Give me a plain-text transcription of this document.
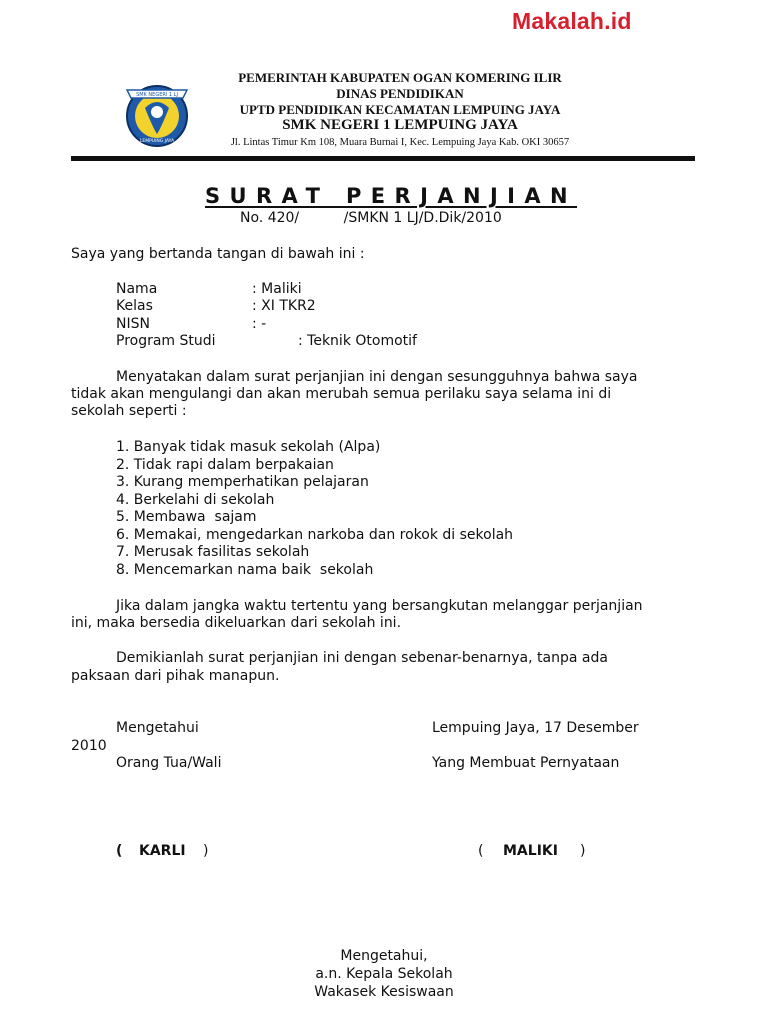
Makalah.id
SMK NEGERI 1 LJ
LEMPUING JAYA
PEMERINTAH KABUPATEN OGAN KOMERING ILIR
DINAS PENDIDIKAN
UPTD PENDIDIKAN KECAMATAN LEMPUING JAYA
SMK NEGERI 1 LEMPUING JAYA
Jl. Lintas Timur Km 108, Muara Burnai I, Kec. Lempuing Jaya Kab. OKI 30657
SURAT PERJANJIAN
No. 420/          /SMKN 1 LJ/D.Dik/2010
Saya yang bertanda tangan di bawah ini :
Nama	: Maliki
Kelas	: XI TKR2
NISN	: -
Program Studi	: Teknik Otomotif
Menyatakan dalam surat perjanjian ini dengan sesungguhnya bahwa saya
tidak akan mengulangi dan akan merubah semua perilaku saya selama ini di
sekolah seperti :
1. Banyak tidak masuk sekolah (Alpa)
2. Tidak rapi dalam berpakaian
3. Kurang memperhatikan pelajaran
4. Berkelahi di sekolah
5. Membawa  sajam
6. Memakai, mengedarkan narkoba dan rokok di sekolah
7. Merusak fasilitas sekolah
8. Mencemarkan nama baik  sekolah
Jika dalam jangka waktu tertentu yang bersangkutan melanggar perjanjian
ini, maka bersedia dikeluarkan dari sekolah ini.
Demikianlah surat perjanjian ini dengan sebenar-benarnya, tanpa ada
paksaan dari pihak manapun.
Mengetahui	Lempuing Jaya, 17 Desember
2010
Orang Tua/Wali	Yang Membuat Pernyataan
( KARLI )	( MALIKI )
Mengetahui,
a.n. Kepala Sekolah
Wakasek Kesiswaan
